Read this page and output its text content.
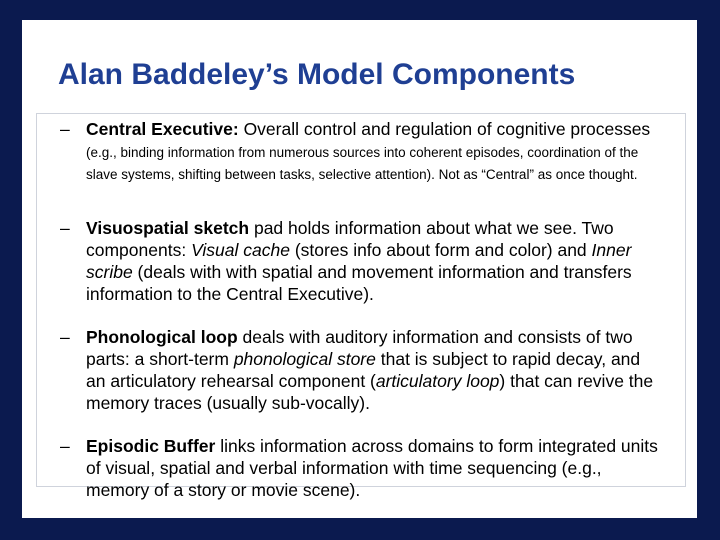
Alan Baddeley’s Model Components
– Central Executive: Overall control and regulation of cognitive processes (e.g., binding information from numerous sources into coherent episodes, coordination of the slave systems, shifting between tasks, selective attention). Not as “Central” as once thought.
– Visuospatial sketch pad holds information about what we see. Two components: Visual cache (stores info about form and color) and Inner scribe (deals with with spatial and movement information and transfers information to the Central Executive).
– Phonological loop deals with auditory information and consists of two parts: a short-term phonological store that is subject to rapid decay, and an articulatory rehearsal component (articulatory loop) that can revive the memory traces (usually sub-vocally).
– Episodic Buffer links information across domains to form integrated units of visual, spatial and verbal information with time sequencing (e.g., memory of a story or movie scene).
